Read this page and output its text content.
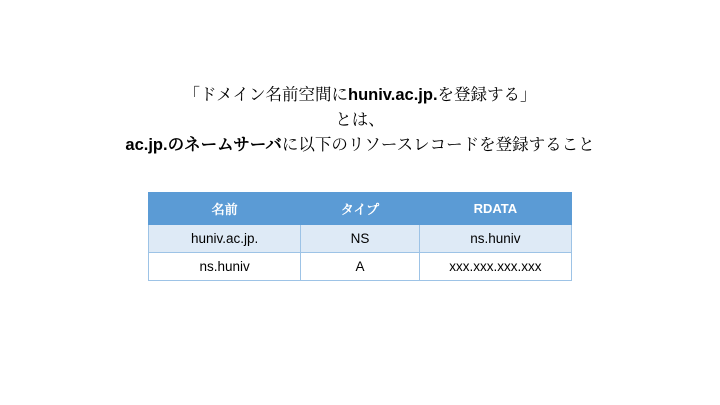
「ドメイン名前空間にhuniv.ac.jp.を登録する」
とは、
ac.jp.のネームサーバに以下のリソースレコードを登録すること
名前	タイプ	RDATA
huniv.ac.jp.	NS	ns.huniv
ns.huniv	A	xxx.xxx.xxx.xxx
